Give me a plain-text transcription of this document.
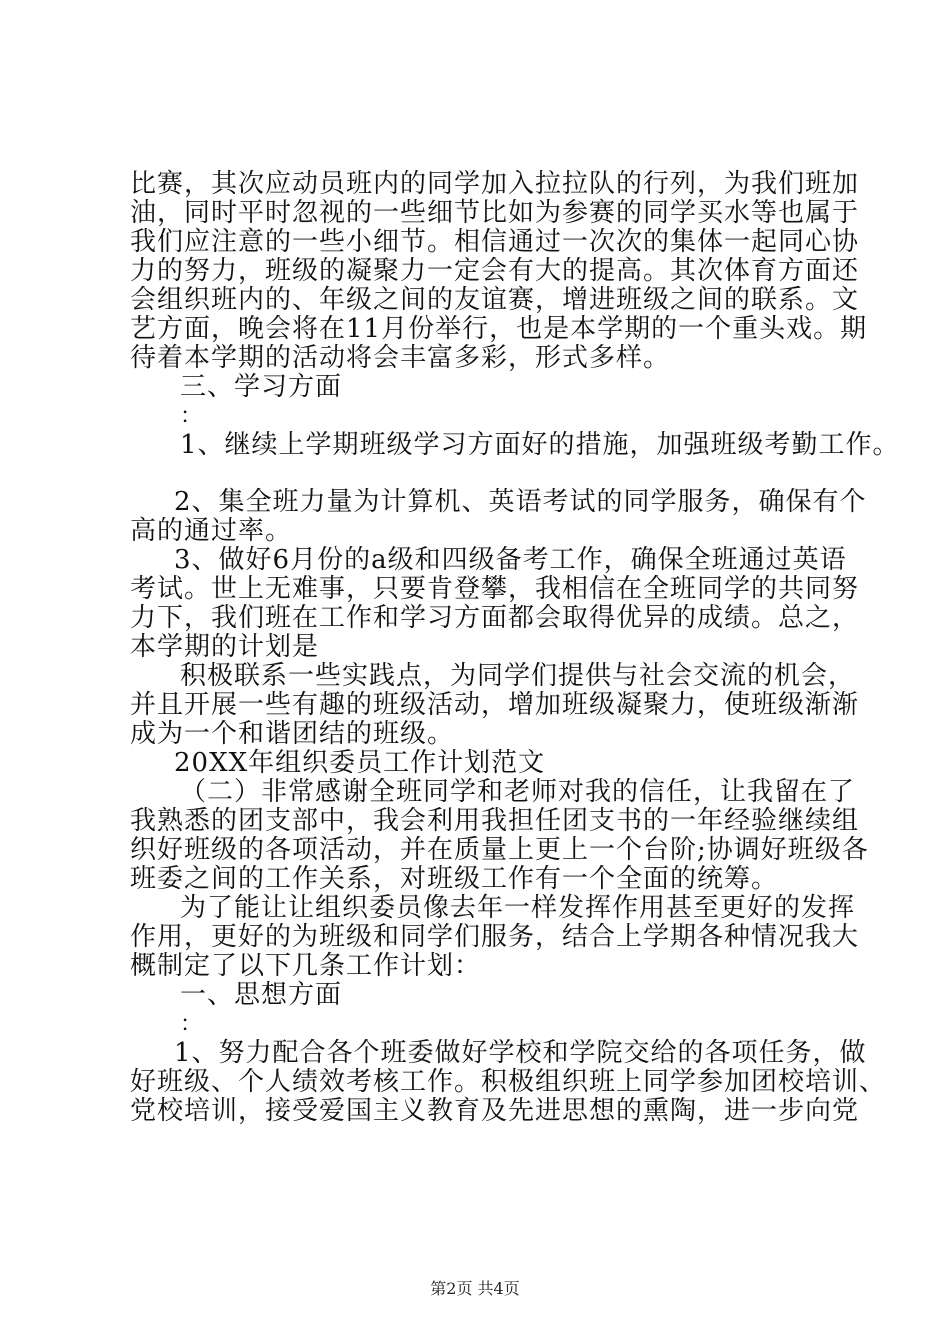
比赛，其次应动员班内的同学加入拉拉队的行列，为我们班加
油，同时平时忽视的一些细节比如为参赛的同学买水等也属于
我们应注意的一些小细节。相信通过一次次的集体一起同心协
力的努力，班级的凝聚力一定会有大的提高。其次体育方面还
会组织班内的、年级之间的友谊赛，增进班级之间的联系。文
艺方面，晚会将在11月份举行，也是本学期的一个重头戏。期
待着本学期的活动将会丰富多彩，形式多样。
三、学习方面
：
1、继续上学期班级学习方面好的措施，加强班级考勤工作。
2、集全班力量为计算机、英语考试的同学服务，确保有个
高的通过率。
3、做好6月份的a级和四级备考工作，确保全班通过英语
考试。世上无难事，只要肯登攀，我相信在全班同学的共同努
力下，我们班在工作和学习方面都会取得优异的成绩。总之，
本学期的计划是
积极联系一些实践点，为同学们提供与社会交流的机会，
并且开展一些有趣的班级活动，增加班级凝聚力，使班级渐渐
成为一个和谐团结的班级。
20XX年组织委员工作计划范文
（二）非常感谢全班同学和老师对我的信任，让我留在了
我熟悉的团支部中，我会利用我担任团支书的一年经验继续组
织好班级的各项活动，并在质量上更上一个台阶;协调好班级各
班委之间的工作关系，对班级工作有一个全面的统筹。
为了能让让组织委员像去年一样发挥作用甚至更好的发挥
作用，更好的为班级和同学们服务，结合上学期各种情况我大
概制定了以下几条工作计划：
一、思想方面
：
1、努力配合各个班委做好学校和学院交给的各项任务，做
好班级、个人绩效考核工作。积极组织班上同学参加团校培训、
党校培训，接受爱国主义教育及先进思想的熏陶，进一步向党
第2页 共4页
